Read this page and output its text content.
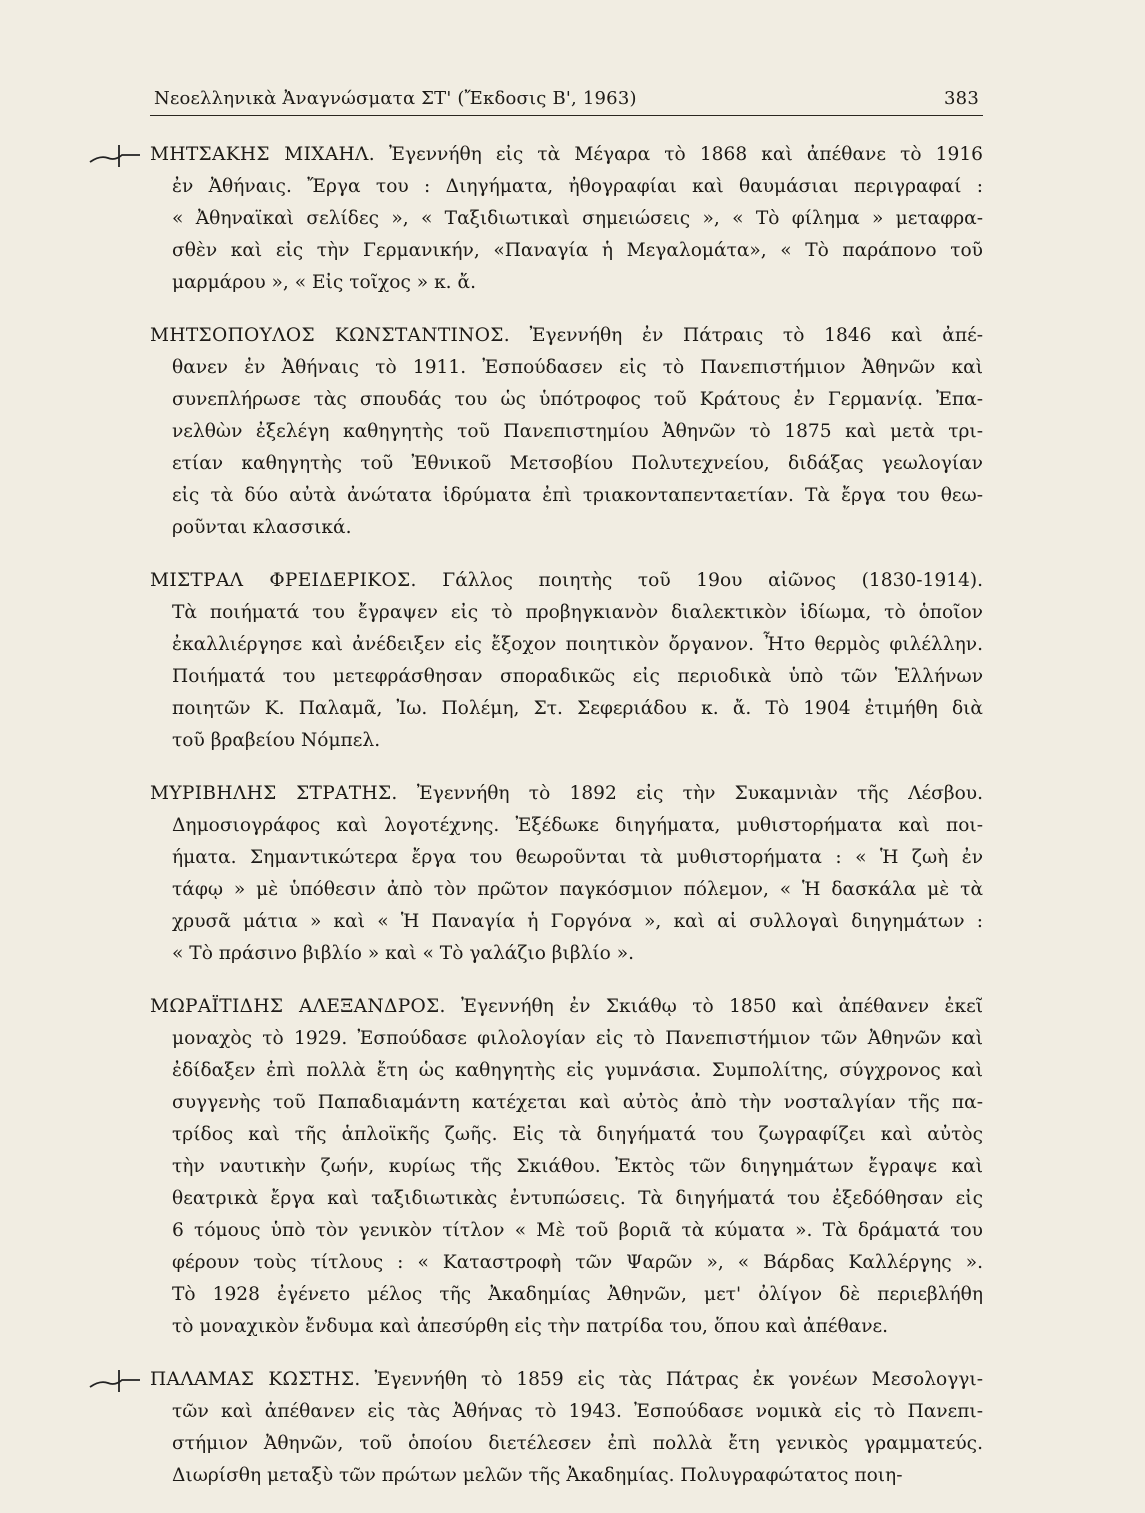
Νεοελληνικὰ Ἀναγνώσματα ΣΤ' (Ἔκδοσις Β', 1963)	383
ΜΗΤΣΑΚΗΣ ΜΙΧΑΗΛ. Ἐγεννήθη εἰς τὰ Μέγαρα τὸ 1868 καὶ ἀπέθανε τὸ 1916
ἐν Ἀθήναις. Ἔργα του : Διηγήματα, ἠθογραφίαι καὶ θαυμάσιαι περιγραφαί :
« Ἀθηναϊκαὶ σελίδες », « Ταξιδιωτικαὶ σημειώσεις », « Τὸ φίλημα » μεταφρα-
σθὲν καὶ εἰς τὴν Γερμανικήν, «Παναγία ἡ Μεγαλομάτα», « Τὸ παράπονο τοῦ
μαρμάρου », « Εἰς τοῖχος » κ. ἄ.
ΜΗΤΣΟΠΟΥΛΟΣ ΚΩΝΣΤΑΝΤΙΝΟΣ. Ἐγεννήθη ἐν Πάτραις τὸ 1846 καὶ ἀπέ-
θανεν ἐν Ἀθήναις τὸ 1911. Ἐσπούδασεν εἰς τὸ Πανεπιστήμιον Ἀθηνῶν καὶ
συνεπλήρωσε τὰς σπουδάς του ὡς ὑπότροφος τοῦ Κράτους ἐν Γερμανίᾳ. Ἐπα-
νελθὼν ἐξελέγη καθηγητὴς τοῦ Πανεπιστημίου Ἀθηνῶν τὸ 1875 καὶ μετὰ τρι-
ετίαν καθηγητὴς τοῦ Ἐθνικοῦ Μετσοβίου Πολυτεχνείου, διδάξας γεωλογίαν
εἰς τὰ δύο αὐτὰ ἀνώτατα ἱδρύματα ἐπὶ τριακονταπενταετίαν. Τὰ ἔργα του θεω-
ροῦνται κλασσικά.
ΜΙΣΤΡΑΛ ΦΡΕΙΔΕΡΙΚΟΣ. Γάλλος ποιητὴς τοῦ 19ου αἰῶνος (1830-1914).
Τὰ ποιήματά του ἔγραψεν εἰς τὸ προβηγκιανὸν διαλεκτικὸν ἰδίωμα, τὸ ὁποῖον
ἐκαλλιέργησε καὶ ἀνέδειξεν εἰς ἔξοχον ποιητικὸν ὄργανον. Ἦτο θερμὸς φιλέλλην.
Ποιήματά του μετεφράσθησαν σποραδικῶς εἰς περιοδικὰ ὑπὸ τῶν Ἑλλήνων
ποιητῶν Κ. Παλαμᾶ, Ἰω. Πολέμη, Στ. Σεφεριάδου κ. ἄ. Τὸ 1904 ἐτιμήθη διὰ
τοῦ βραβείου Νόμπελ.
ΜΥΡΙΒΗΛΗΣ ΣΤΡΑΤΗΣ. Ἐγεννήθη τὸ 1892 εἰς τὴν Συκαμνιὰν τῆς Λέσβου.
Δημοσιογράφος καὶ λογοτέχνης. Ἐξέδωκε διηγήματα, μυθιστορήματα καὶ ποι-
ήματα. Σημαντικώτερα ἔργα του θεωροῦνται τὰ μυθιστορήματα : « Ἡ ζωὴ ἐν
τάφῳ » μὲ ὑπόθεσιν ἀπὸ τὸν πρῶτον παγκόσμιον πόλεμον, « Ἡ δασκάλα μὲ τὰ
χρυσᾶ μάτια » καὶ « Ἡ Παναγία ἡ Γοργόνα », καὶ αἱ συλλογαὶ διηγημάτων :
« Τὸ πράσινο βιβλίο » καὶ « Τὸ γαλάζιο βιβλίο ».
ΜΩΡΑΪΤΙΔΗΣ ΑΛΕΞΑΝΔΡΟΣ. Ἐγεννήθη ἐν Σκιάθῳ τὸ 1850 καὶ ἀπέθανεν ἐκεῖ
μοναχὸς τὸ 1929. Ἐσπούδασε φιλολογίαν εἰς τὸ Πανεπιστήμιον τῶν Ἀθηνῶν καὶ
ἐδίδαξεν ἐπὶ πολλὰ ἔτη ὡς καθηγητὴς εἰς γυμνάσια. Συμπολίτης, σύγχρονος καὶ
συγγενὴς τοῦ Παπαδιαμάντη κατέχεται καὶ αὐτὸς ἀπὸ τὴν νοσταλγίαν τῆς πα-
τρίδος καὶ τῆς ἁπλοϊκῆς ζωῆς. Εἰς τὰ διηγήματά του ζωγραφίζει καὶ αὐτὸς
τὴν ναυτικὴν ζωήν, κυρίως τῆς Σκιάθου. Ἐκτὸς τῶν διηγημάτων ἔγραψε καὶ
θεατρικὰ ἔργα καὶ ταξιδιωτικὰς ἐντυπώσεις. Τὰ διηγήματά του ἐξεδόθησαν εἰς
6 τόμους ὑπὸ τὸν γενικὸν τίτλον « Μὲ τοῦ βοριᾶ τὰ κύματα ». Τὰ δράματά του
φέρουν τοὺς τίτλους : « Καταστροφὴ τῶν Ψαρῶν », « Βάρδας Καλλέργης ».
Τὸ 1928 ἐγένετο μέλος τῆς Ἀκαδημίας Ἀθηνῶν, μετ' ὀλίγον δὲ περιεβλήθη
τὸ μοναχικὸν ἔνδυμα καὶ ἀπεσύρθη εἰς τὴν πατρίδα του, ὅπου καὶ ἀπέθανε.
ΠΑΛΑΜΑΣ ΚΩΣΤΗΣ. Ἐγεννήθη τὸ 1859 εἰς τὰς Πάτρας ἐκ γονέων Μεσολογγι-
τῶν καὶ ἀπέθανεν εἰς τὰς Ἀθήνας τὸ 1943. Ἐσπούδασε νομικὰ εἰς τὸ Πανεπι-
στήμιον Ἀθηνῶν, τοῦ ὁποίου διετέλεσεν ἐπὶ πολλὰ ἔτη γενικὸς γραμματεύς.
Διωρίσθη μεταξὺ τῶν πρώτων μελῶν τῆς Ἀκαδημίας. Πολυγραφώτατος ποιη-
